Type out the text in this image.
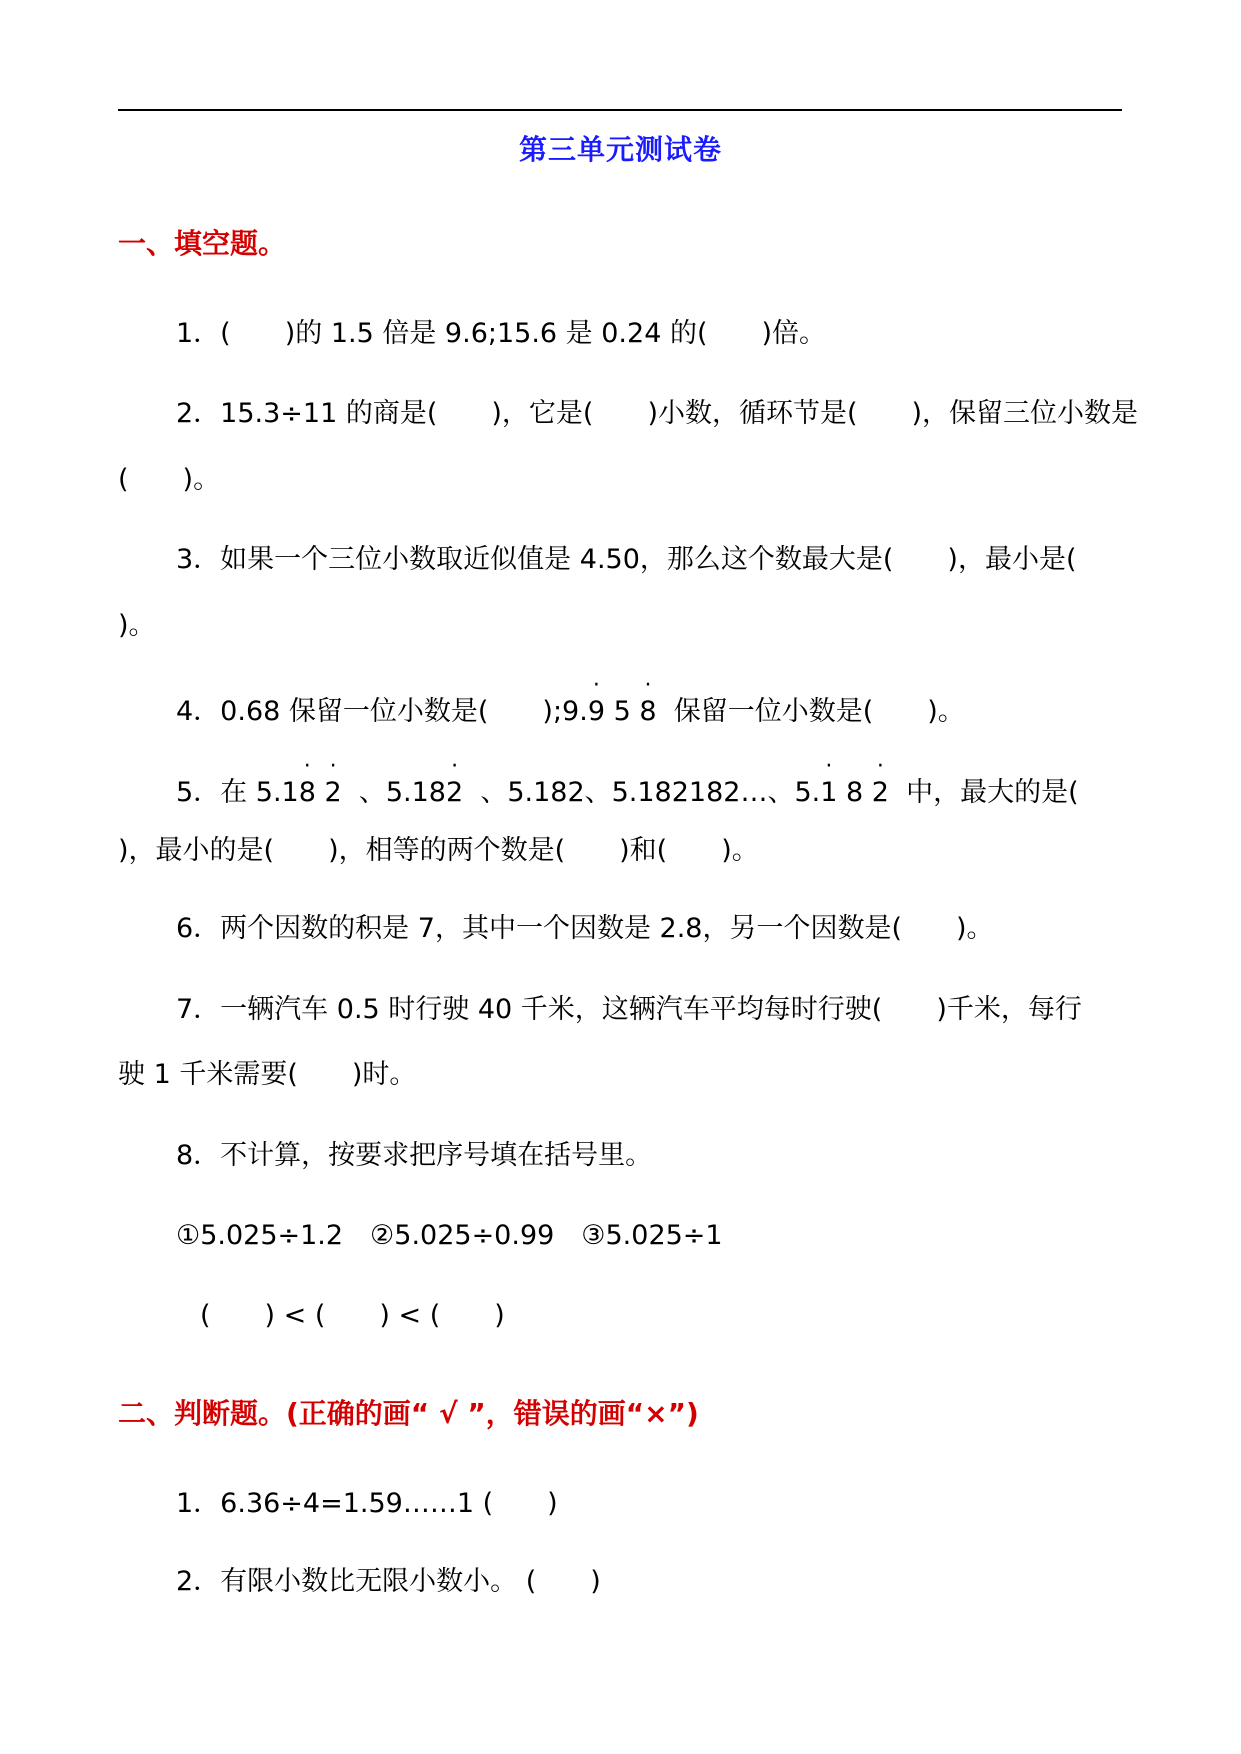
第三单元测试卷
一、填空题。
1．(　　)的 1.5 倍是 9.6;15.6 是 0.24 的(　　)倍。
2．15.3÷11 的商是(　　)，它是(　　)小数，循环节是(　　)，保留三位小数是
(　　)。
3．如果一个三位小数取近似值是 4.50，那么这个数最大是(　　)，最小是(
)。
4．0.68 保留一位小数是(　　);9.· 9 5 · 8 保留一位小数是(　　)。
5．在 5.1· 8 · 2 、5.18· 2 、5.182、5.182182…、5.· 1 8 · 2 中，最大的是(
)，最小的是(　　)，相等的两个数是(　　)和(　　)。
6．两个因数的积是 7，其中一个因数是 2.8，另一个因数是(　　)。
7．一辆汽车 0.5 时行驶 40 千米，这辆汽车平均每时行驶(　　)千米，每行
驶 1 千米需要(　　)时。
8．不计算，按要求把序号填在括号里。
①5.025÷1.2　②5.025÷0.99　③5.025÷1
(　　) < (　　) < (　　)
二、判断题。(正确的画“ √ ”，错误的画“×”)
1．6.36÷4=1.59……1 (　　)
2．有限小数比无限小数小。 (　　)
